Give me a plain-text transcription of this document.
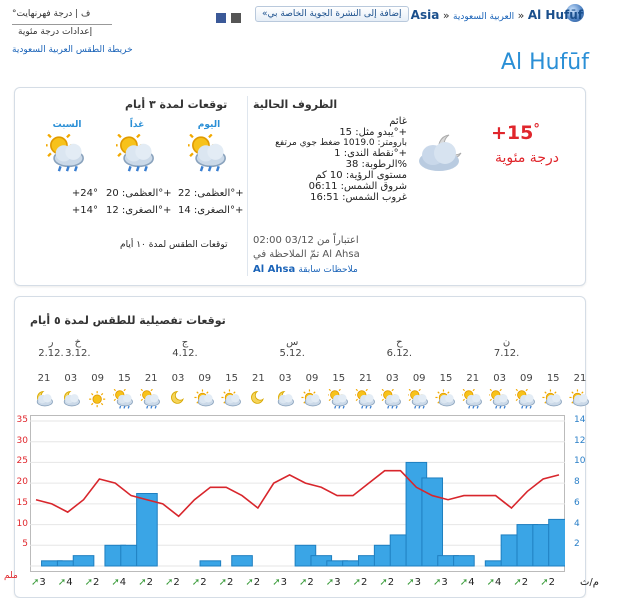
Asia » العربية السعودية » Al Hufūf
«إضافة إلى النشرة الجوية الخاصة بي

°ف | درجة فهرنهايت
إعدادات درجة مئوية
خريطة الطقس العربية السعودية	Al Hufūf
الظروف الحالية
+15°
درجة مئوية
غائم
يبدو مثل: 15°+
بارومتر: 1019.0 ضغط جوي مرتفع
نقطة الندى: 1°+
الرطوبة: 38%
مستوى الرؤية: 10 كم
شروق الشمس: 06:11
غروب الشمس: 16:51
اعتباراً من 03/12 02:00
تمّ الملاحظة في Al Ahsa
Al Ahsa ملاحظات سابقة
توقعات لمدة ٣ أيام
اليوم
العظمى: 22°+
الصغرى: 14°+
غداً
العظمى: 20°+
الصغرى: 12°+
السبت
+24°
+14°
توقعات الطقس لمدة ١٠ أيام
توقعات تفصيلية للطقس لمدة ٥ أيام
ر
2.12.
خ
3.12.
ج
4.12.
س
5.12.
ح
6.12.
ن
7.12.
21 03 09 15 21 03 09 15 21 03 09 15 21 03 09 15 21 03 09 15 21
35
30
25
20
15
10
5
14
12
10
8
6
4
2
ملم
➚3 ➚4 ➚2 ➚4 ➚2 ➚2 ➚2 ➚2 ➚2 ➚3 ➚2 ➚3 ➚2 ➚2 ➚3 ➚3 ➚4 ➚4 ➚2 ➚2	م/ث
